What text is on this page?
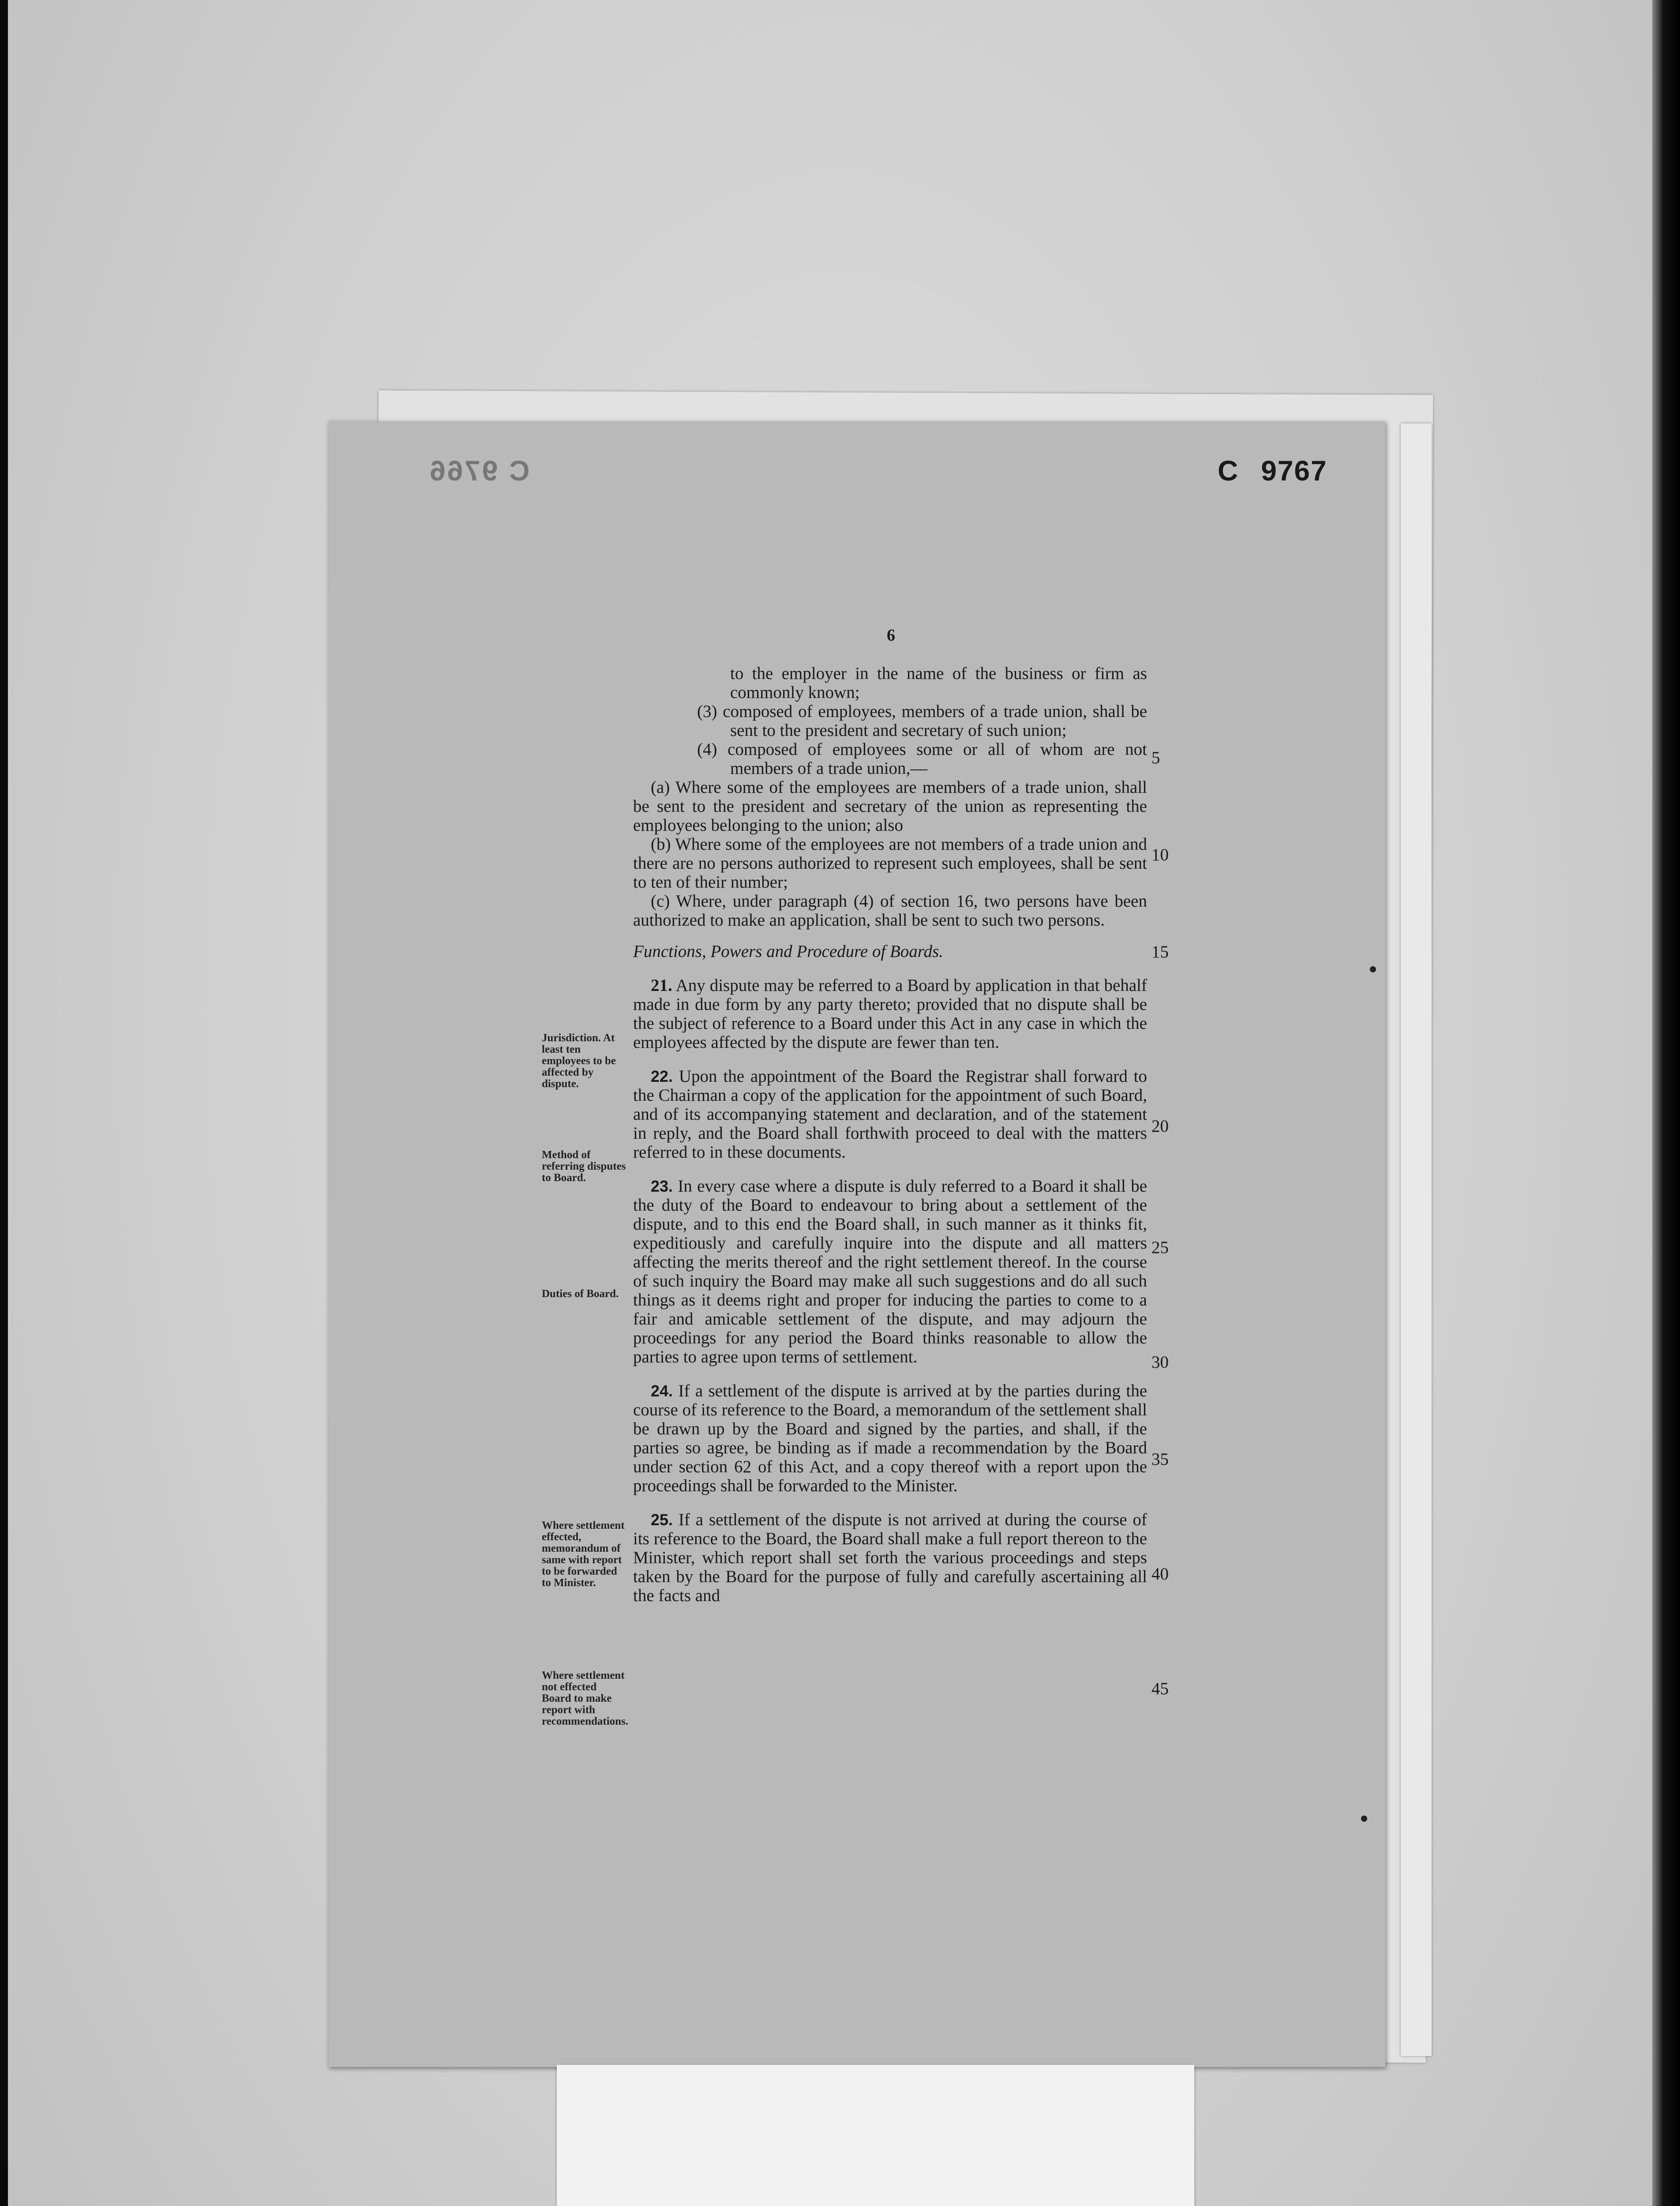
C 9766	C 9767
6

to the employer in the name of the business or firm as commonly known;

(3) composed of employees, members of a trade union, shall be sent to the president and secretary of such union;

(4) composed of employees some or all of whom are not members of a trade union,—

(a) Where some of the employees are members of a trade union, shall be sent to the president and secretary of the union as representing the employees belonging to the union; also

(b) Where some of the employees are not members of a trade union and there are no persons authorized to represent such employees, shall be sent to ten of their number;

(c) Where, under paragraph (4) of section 16, two persons have been authorized to make an application, shall be sent to such two persons.

Functions, Powers and Procedure of Boards.

21. Any dispute may be referred to a Board by application in that behalf made in due form by any party thereto; provided that no dispute shall be the subject of reference to a Board under this Act in any case in which the employees affected by the dispute are fewer than ten.

22. Upon the appointment of the Board the Registrar shall forward to the Chairman a copy of the application for the appointment of such Board, and of its accompanying statement and declaration, and of the statement in reply, and the Board shall forthwith proceed to deal with the matters referred to in these documents.

23. In every case where a dispute is duly referred to a Board it shall be the duty of the Board to endeavour to bring about a settlement of the dispute, and to this end the Board shall, in such manner as it thinks fit, expeditiously and carefully inquire into the dispute and all matters affecting the merits thereof and the right settlement thereof. In the course of such inquiry the Board may make all such suggestions and do all such things as it deems right and proper for inducing the parties to come to a fair and amicable settlement of the dispute, and may adjourn the proceedings for any period the Board thinks reasonable to allow the parties to agree upon terms of settlement.

24. If a settlement of the dispute is arrived at by the parties during the course of its reference to the Board, a memorandum of the settlement shall be drawn up by the Board and signed by the parties, and shall, if the parties so agree, be binding as if made a recommendation by the Board under section 62 of this Act, and a copy thereof with a report upon the proceedings shall be forwarded to the Minister.

25. If a settlement of the dispute is not arrived at during the course of its reference to the Board, the Board shall make a full report thereon to the Minister, which report shall set forth the various proceedings and steps taken by the Board for the purpose of fully and carefully ascertaining all the facts and

Jurisdiction. At least ten employees to be affected by dispute.
Method of referring disputes to Board.
Duties of Board.
Where settlement effected, memorandum of same with report to be forwarded to Minister.
Where settlement not effected Board to make report with recommendations.
5
10
15
20
25
30
35
40
45
